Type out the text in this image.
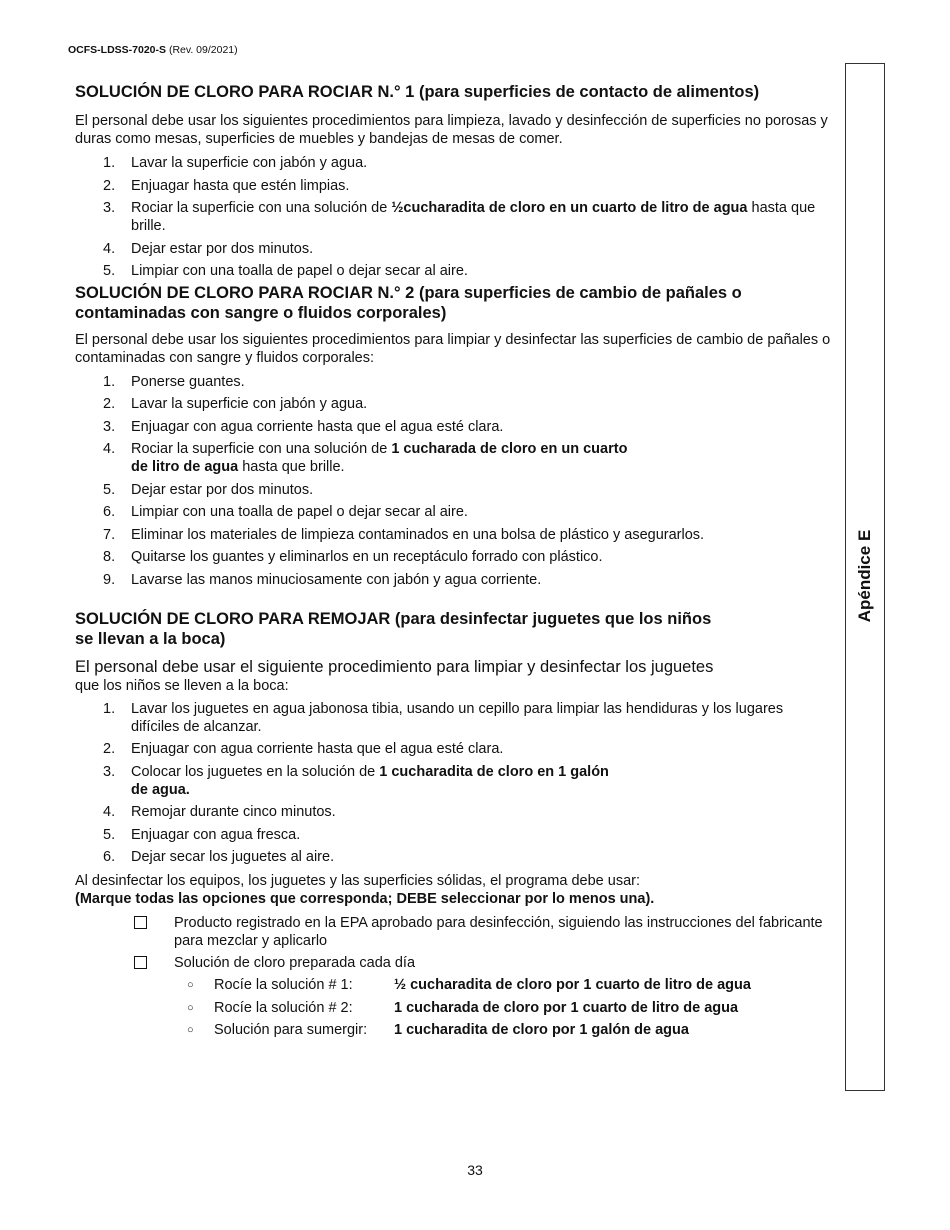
OCFS-LDSS-7020-S (Rev. 09/2021)
Apéndice E
SOLUCIÓN DE CLORO PARA ROCIAR N.° 1 (para superficies de contacto de alimentos)

El personal debe usar los siguientes procedimientos para limpieza, lavado y desinfección de superficies no porosas y duras como mesas, superficies de muebles y bandejas de mesas de comer.

1. Lavar la superficie con jabón y agua.
2. Enjuagar hasta que estén limpias.
3. Rociar la superficie con una solución de ½cucharadita de cloro en un cuarto de litro de agua hasta que brille.
4. Dejar estar por dos minutos.
5. Limpiar con una toalla de papel o dejar secar al aire.
SOLUCIÓN DE CLORO PARA ROCIAR N.° 2 (para superficies de cambio de pañales o contaminadas con sangre o fluidos corporales)

El personal debe usar los siguientes procedimientos para limpiar y desinfectar las superficies de cambio de pañales o contaminadas con sangre y fluidos corporales:

1. Ponerse guantes.
2. Lavar la superficie con jabón y agua.
3. Enjuagar con agua corriente hasta que el agua esté clara.
4. Rociar la superficie con una solución de 1 cucharada de cloro en un cuarto
de litro de agua hasta que brille.
5. Dejar estar por dos minutos.
6. Limpiar con una toalla de papel o dejar secar al aire.
7. Eliminar los materiales de limpieza contaminados en una bolsa de plástico y asegurarlos.
8. Quitarse los guantes y eliminarlos en un receptáculo forrado con plástico.
9. Lavarse las manos minuciosamente con jabón y agua corriente.
SOLUCIÓN DE CLORO PARA REMOJAR (para desinfectar juguetes que los niños
se llevan a la boca)

El personal debe usar el siguiente procedimiento para limpiar y desinfectar los juguetes
que los niños se lleven a la boca:

1. Lavar los juguetes en agua jabonosa tibia, usando un cepillo para limpiar las hendiduras y los lugares difíciles de alcanzar.
2. Enjuagar con agua corriente hasta que el agua esté clara.
3. Colocar los juguetes en la solución de 1 cucharadita de cloro en 1 galón
de agua.
4. Remojar durante cinco minutos.
5. Enjuagar con agua fresca.
6. Dejar secar los juguetes al aire.

Al desinfectar los equipos, los juguetes y las superficies sólidas, el programa debe usar:

(Marque todas las opciones que corresponda; DEBE seleccionar por lo menos una).

Producto registrado en la EPA aprobado para desinfección, siguiendo las instrucciones del fabricante para mezclar y aplicarlo
Solución de cloro preparada cada día
○ Rocíe la solución # 1:	½ cucharadita de cloro por 1 cuarto de litro de agua
○ Rocíe la solución # 2:	1 cucharada de cloro por 1 cuarto de litro de agua
○ Solución para sumergir: 1 cucharadita de cloro por 1 galón de agua
33
